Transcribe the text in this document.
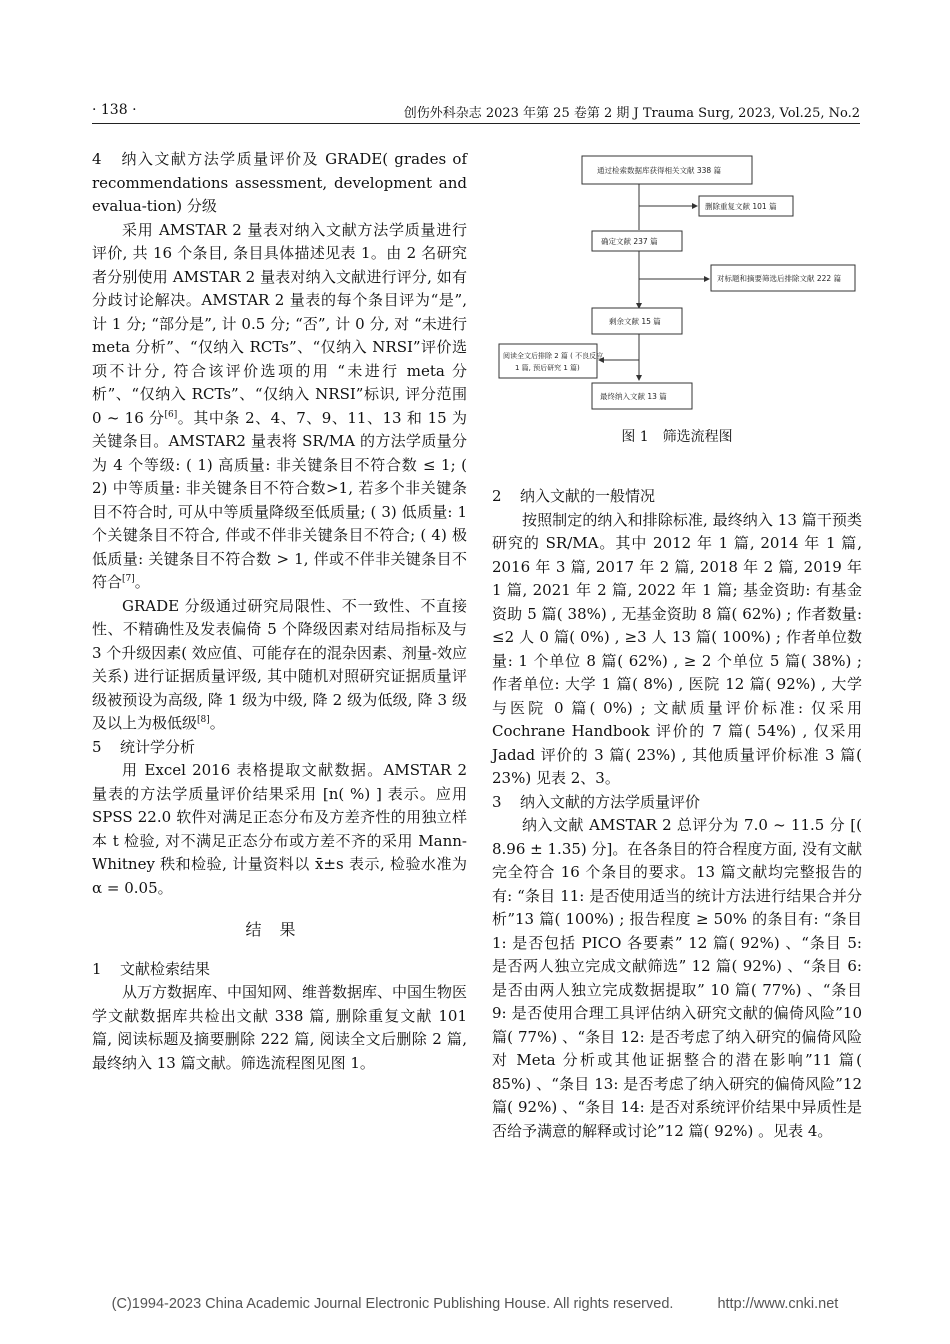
· 138 ·	创伤外科杂志 2023 年第 25 卷第 2 期 J Trauma Surg, 2023, Vol.25, No.2
4 纳入文献方法学质量评价及 GRADE( grades of recommendations assessment, development and evalua-tion) 分级

采用 AMSTAR 2 量表对纳入文献方法学质量进行评价, 共 16 个条目, 条目具体描述见表 1。由 2 名研究者分别使用 AMSTAR 2 量表对纳入文献进行评分, 如有分歧讨论解决。AMSTAR 2 量表的每个条目评为“是”, 计 1 分; “部分是”, 计 0.5 分; “否”, 计 0 分, 对 “未进行 meta 分析”、“仅纳入 RCTs”、“仅纳入 NRSI”评价选项不计分, 符合该评价选项的用 “未进行 meta 分析”、“仅纳入 RCTs”、“仅纳入 NRSI”标识, 评分范围 0 ~ 16 分[6]。其中条 2、4、7、9、11、13 和 15 为关键条目。AMSTAR2 量表将 SR/MA 的方法学质量分为 4 个等级: ( 1) 高质量: 非关键条目不符合数 ≤ 1; ( 2) 中等质量: 非关键条目不符合数>1, 若多个非关键条目不符合时, 可从中等质量降级至低质量; ( 3) 低质量: 1 个关键条目不符合, 伴或不伴非关键条目不符合; ( 4) 极低质量: 关键条目不符合数 > 1, 伴或不伴非关键条目不符合[7]。

GRADE 分级通过研究局限性、不一致性、不直接性、不精确性及发表偏倚 5 个降级因素对结局指标及与 3 个升级因素( 效应值、可能存在的混杂因素、剂量-效应关系) 进行证据质量评级, 其中随机对照研究证据质量评级被预设为高级, 降 1 级为中级, 降 2 级为低级, 降 3 级及以上为极低级[8]。

5 统计学分析

用 Excel 2016 表格提取文献数据。AMSTAR 2 量表的方法学质量评价结果采用 [n( %) ] 表示。应用 SPSS 22.0 软件对满足正态分布及方差齐性的用独立样本 t 检验, 对不满足正态分布或方差不齐的采用 Mann-Whitney 秩和检验, 计量资料以 x̄±s 表示, 检验水准为 α = 0.05。

结果
1 文献检索结果

从万方数据库、中国知网、维普数据库、中国生物医学文献数据库共检出文献 338 篇, 删除重复文献 101 篇, 阅读标题及摘要删除 222 篇, 阅读全文后删除 2 篇, 最终纳入 13 篇文献。筛选流程图见图 1。

通过检索数据库获得相关文献 338 篇
删除重复文献 101 篇
确定文献 237 篇
对标题和摘要筛选后排除文献 222 篇
剩余文献 15 篇
阅读全文后排除 2 篇 ( 不良反应
1 篇, 预后研究 1 篇)
最终纳入文献 13 篇
图 1 筛选流程图
2 纳入文献的一般情况

按照制定的纳入和排除标准, 最终纳入 13 篇干预类研究的 SR/MA。其中 2012 年 1 篇, 2014 年 1 篇, 2016 年 3 篇, 2017 年 2 篇, 2018 年 2 篇, 2019 年 1 篇, 2021 年 2 篇, 2022 年 1 篇; 基金资助: 有基金资助 5 篇( 38%) , 无基金资助 8 篇( 62%) ; 作者数量: ≤2 人 0 篇( 0%) , ≥3 人 13 篇( 100%) ; 作者单位数量: 1 个单位 8 篇( 62%) , ≥ 2 个单位 5 篇( 38%) ; 作者单位: 大学 1 篇( 8%) , 医院 12 篇( 92%) , 大学与医院 0 篇( 0%) ; 文献质量评价标准: 仅采用 Cochrane Handbook 评价的 7 篇( 54%) , 仅采用 Jadad 评价的 3 篇( 23%) , 其他质量评价标准 3 篇( 23%) 见表 2、3。

3 纳入文献的方法学质量评价

纳入文献 AMSTAR 2 总评分为 7.0 ~ 11.5 分 [( 8.96 ± 1.35) 分]。在各条目的符合程度方面, 没有文献完全符合 16 个条目的要求。13 篇文献均完整报告的有: “条目 11: 是否使用适当的统计方法进行结果合并分析”13 篇( 100%) ; 报告程度 ≥ 50% 的条目有: “条目 1: 是否包括 PICO 各要素” 12 篇( 92%) 、“条目 5: 是否两人独立完成文献筛选” 12 篇( 92%) 、“条目 6: 是否由两人独立完成数据提取” 10 篇( 77%) 、“条目 9: 是否使用合理工具评估纳入研究文献的偏倚风险”10 篇( 77%) 、“条目 12: 是否考虑了纳入研究的偏倚风险对 Meta 分析或其他证据整合的潜在影响”11 篇( 85%) 、“条目 13: 是否考虑了纳入研究的偏倚风险”12 篇( 92%) 、“条目 14: 是否对系统评价结果中异质性是否给予满意的解释或讨论”12 篇( 92%) 。见表 4。

(C)1994-2023 China Academic Journal Electronic Publishing House. All rights reserved.	http://www.cnki.net
